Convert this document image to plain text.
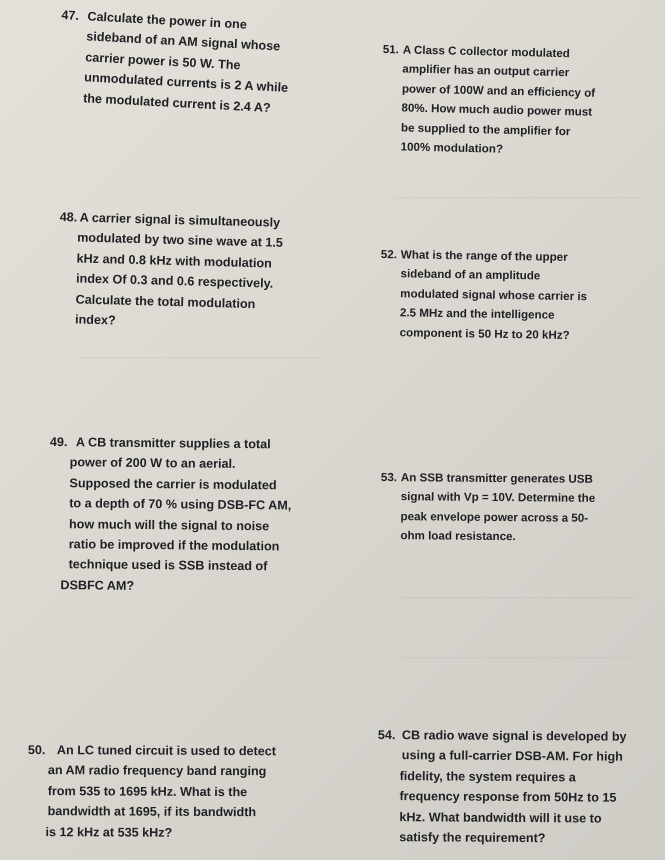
~~~~~~~~~~~~~~~~~~~~~~~~~~~~~~~~~~~~~
~~~~~~~~~~~~~~~~~~~~~~~~~~~~~~~~~~~~
~~~~~~~~~~~~~~~~~~~~~~~~~~~~~~~~~~~
~~~~~~~~~~~~~~~~~~~~~~~~~~~~~~~~~~~
47. Calculate the power in one
sideband of an AM signal whose
carrier power is 50 W. The
unmodulated currents is 2 A while
the modulated current is 2.4 A?
51. A Class C collector modulated
amplifier has an output carrier
power of 100W and an efficiency of
80%. How much audio power must
be supplied to the amplifier for
100% modulation?
48. A carrier signal is simultaneously
modulated by two sine wave at 1.5
kHz and 0.8 kHz with modulation
index Of 0.3 and 0.6 respectively.
Calculate the total modulation
index?
52. What is the range of the upper
sideband of an amplitude
modulated signal whose carrier is
2.5 MHz and the intelligence
component is 50 Hz to 20 kHz?
49. A CB transmitter supplies a total
power of 200 W to an aerial.
Supposed the carrier is modulated
to a depth of 70 % using DSB-FC AM,
how much will the signal to noise
ratio be improved if the modulation
technique used is SSB instead of
DSBFC AM?
53. An SSB transmitter generates USB
signal with Vp = 10V. Determine the
peak envelope power across a 50-
ohm load resistance.
54. CB radio wave signal is developed by
using a full-carrier DSB-AM. For high
fidelity, the system requires a
frequency response from 50Hz to 15
kHz. What bandwidth will it use to
satisfy the requirement?
50. An LC tuned circuit is used to detect
an AM radio frequency band ranging
from 535 to 1695 kHz. What is the
bandwidth at 1695, if its bandwidth
is 12 kHz at 535 kHz?
